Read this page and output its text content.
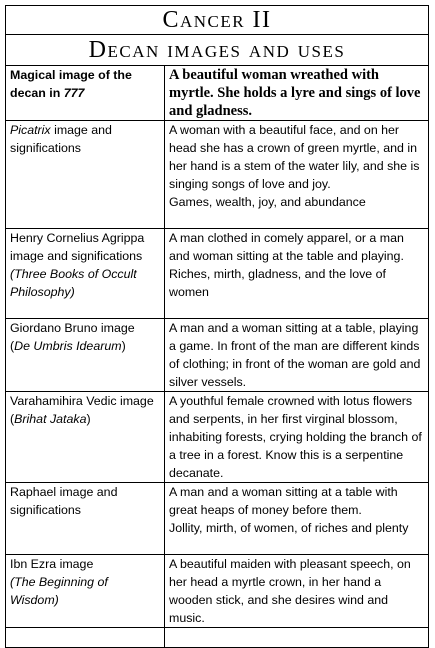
Cancer II	
Decan images and uses	
Magical image of the decan in 777	A beautiful woman wreathed with myrtle. She holds a lyre and sings of love and gladness.

Picatrix image and significations	A woman with a beautiful face, and on her head she has a crown of green myrtle, and in her hand is a stem of the water lily, and she is singing songs of love and joy.
Games, wealth, joy, and abundance

Henry Cornelius Agrippa image and significations
(Three Books of Occult Philosophy)	A man clothed in comely apparel, or a man and woman sitting at the table and playing.
Riches, mirth, gladness, and the love of women

Giordano Bruno image
(De Umbris Idearum)	A man and a woman sitting at a table, playing a game. In front of the man are different kinds of clothing; in front of the woman are gold and silver vessels.

Varahamihira Vedic image (Brihat Jataka)	A youthful female crowned with lotus flowers and serpents, in her first virginal blossom, inhabiting forests, crying holding the branch of a tree in a forest. Know this is a serpentine decanate.

Raphael image and significations	A man and a woman sitting at a table with great heaps of money before them.
Jollity, mirth, of women, of riches and plenty

Ibn Ezra image
(The Beginning of Wisdom)	A beautiful maiden with pleasant speech, on her head a myrtle crown, in her hand a wooden stick, and she desires wind and music.
